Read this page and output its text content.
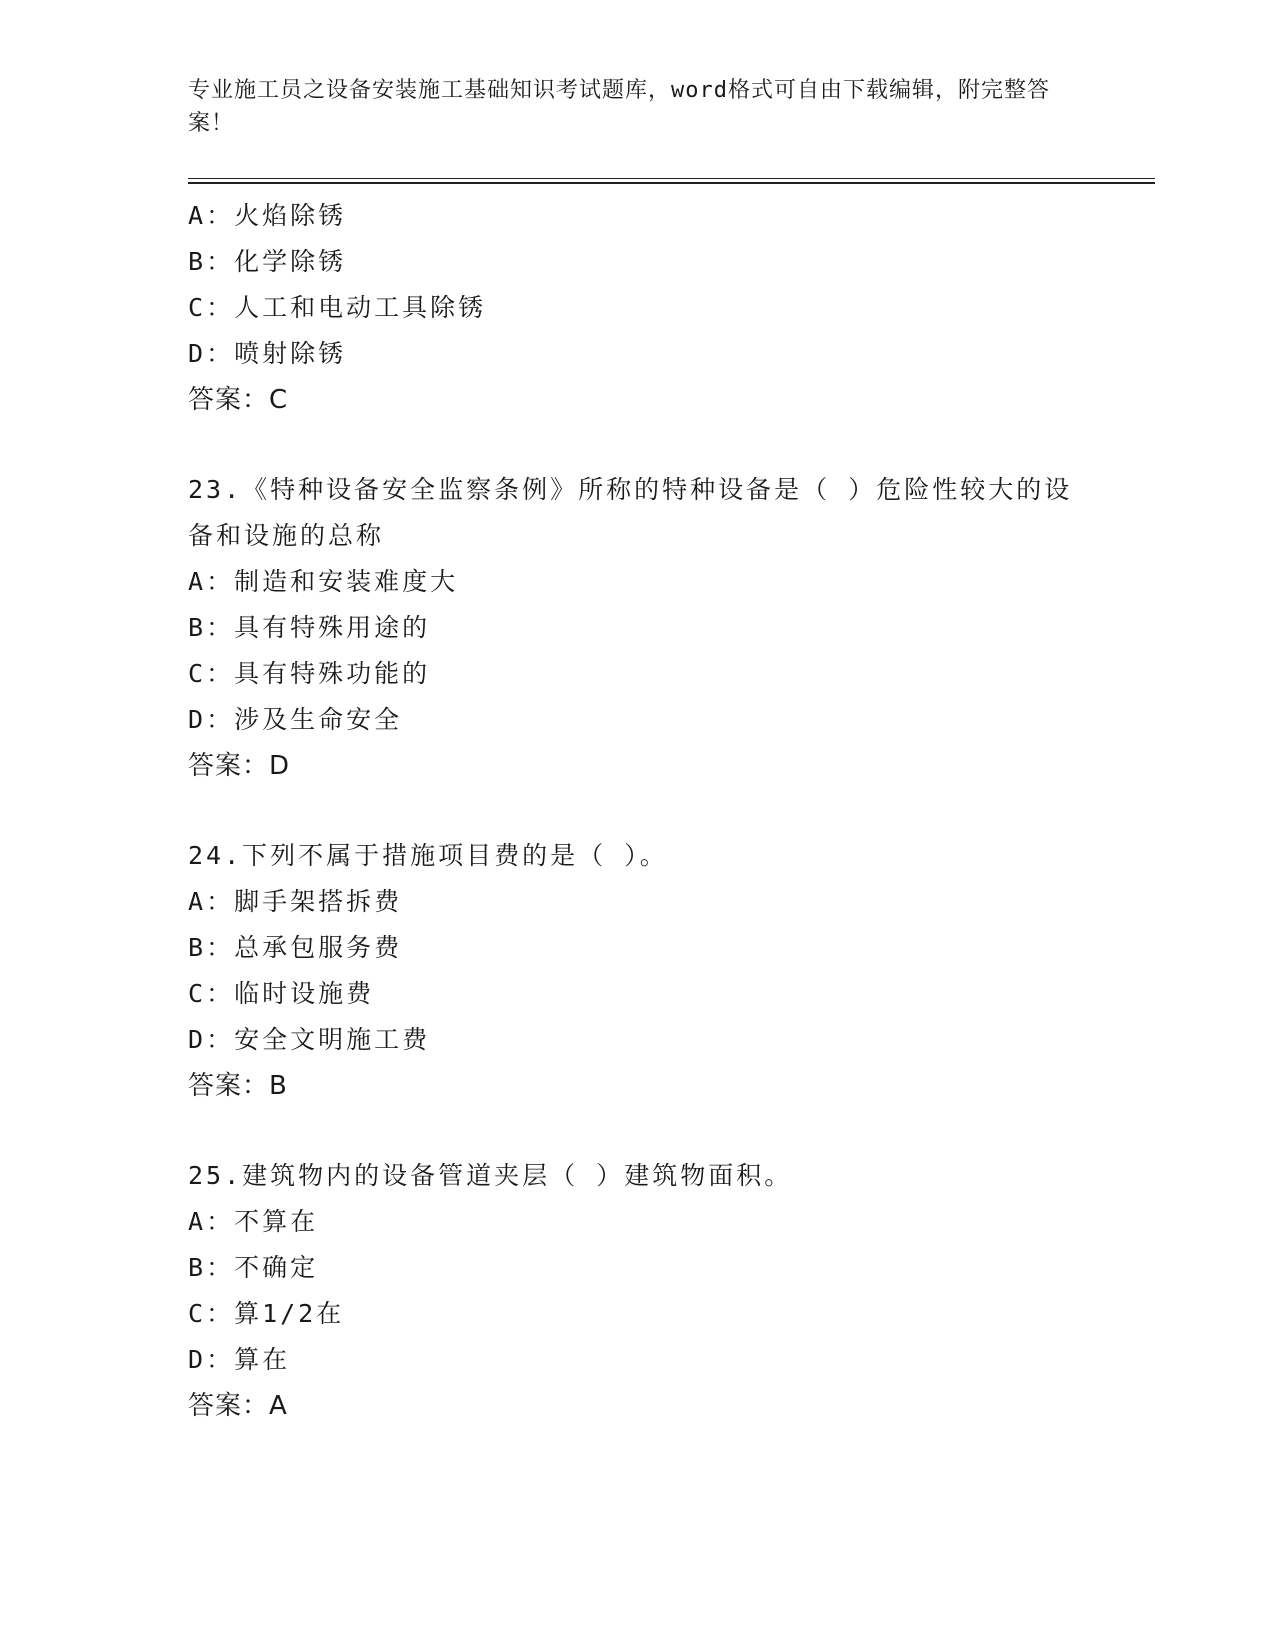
专业施工员之设备安装施工基础知识考试题库，word格式可自由下载编辑，附完整答案！
A：火焰除锈
B：化学除锈
C：人工和电动工具除锈
D：喷射除锈
答案：C
23.《特种设备安全监察条例》所称的特种设备是（ ）危险性较大的设备和设施的总称
A：制造和安装难度大
B：具有特殊用途的
C：具有特殊功能的
D：涉及生命安全
答案：D
24.下列不属于措施项目费的是（ ）。
A：脚手架搭拆费
B：总承包服务费
C：临时设施费
D：安全文明施工费
答案：B
25.建筑物内的设备管道夹层（ ）建筑物面积。
A：不算在
B：不确定
C：算1/2在
D：算在
答案：A
